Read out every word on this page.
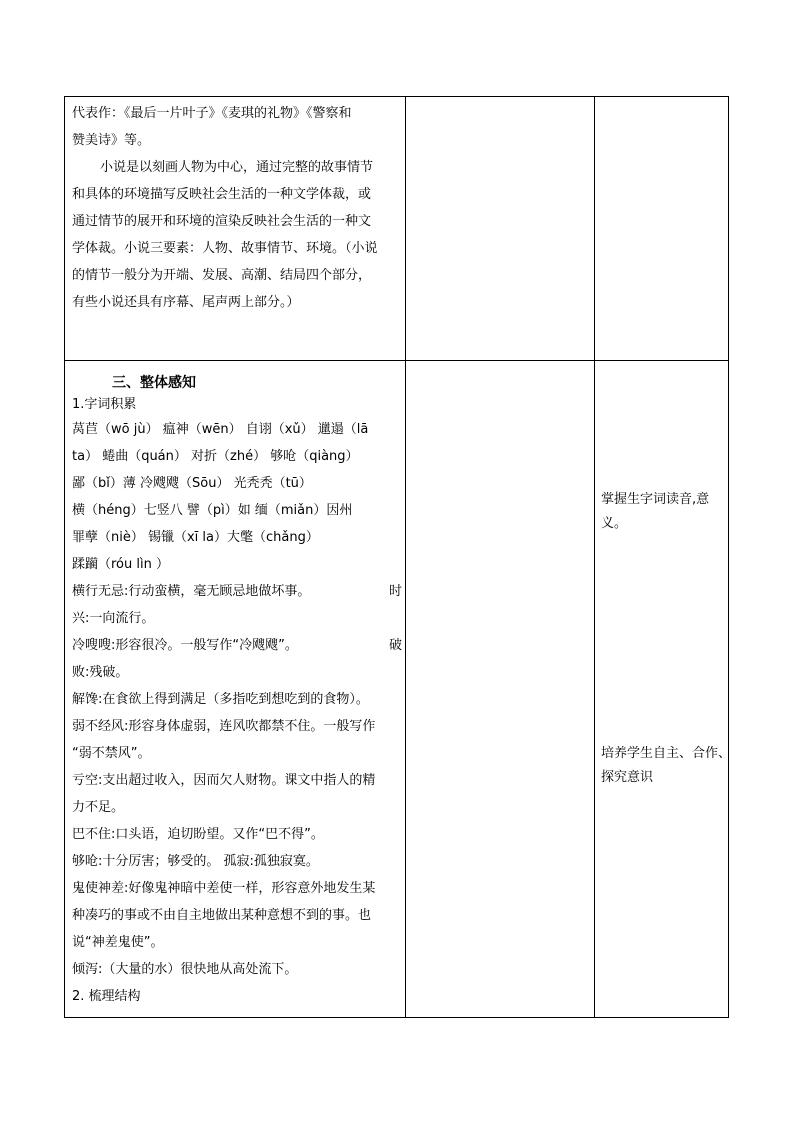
代表作：《最后一片叶子》《麦琪的礼物》《警察和
赞美诗》等。
小说是以刻画人物为中心，通过完整的故事情节
和具体的环境描写反映社会生活的一种文学体裁，或
通过情节的展开和环境的渲染反映社会生活的一种文
学体裁。小说三要素：人物、故事情节、环境。（小说
的情节一般分为开端、发展、高潮、结局四个部分，
有些小说还具有序幕、尾声两上部分。）
三、整体感知
1.字词积累
莴苣（wō jù） 瘟神（wēn） 自诩（xǔ） 邋遢（lā
ta） 蜷曲（quán） 对折（zhé） 够呛（qiàng）
鄙（bǐ）薄 冷飕飕（Sōu） 光秃秃（tū）
横（héng）七竖八 譬（pì）如 缅（miǎn）因州
罪孽（niè） 锡镴（xī la）大氅（chǎng）
蹂躏（róu lìn ）
横行无忌:行动蛮横，毫无顾忌地做坏事。	时
兴:一向流行。
冷嗖嗖:形容很冷。一般写作“冷飕飕”。	破
败:残破。
解馋:在食欲上得到满足（多指吃到想吃到的食物）。
弱不经风:形容身体虚弱，连风吹都禁不住。一般写作
“弱不禁风”。
亏空:支出超过收入，因而欠人财物。课文中指人的精
力不足。
巴不住:口头语，迫切盼望。又作“巴不得”。
够呛:十分厉害；够受的。 孤寂:孤独寂寞。
鬼使神差:好像鬼神暗中差使一样，形容意外地发生某
种凑巧的事或不由自主地做出某种意想不到的事。也
说“神差鬼使”。
倾泻:（大量的水）很快地从高处流下。
2. 梳理结构
掌握生字词读音,意
义。
培养学生自主、合作、
探究意识
